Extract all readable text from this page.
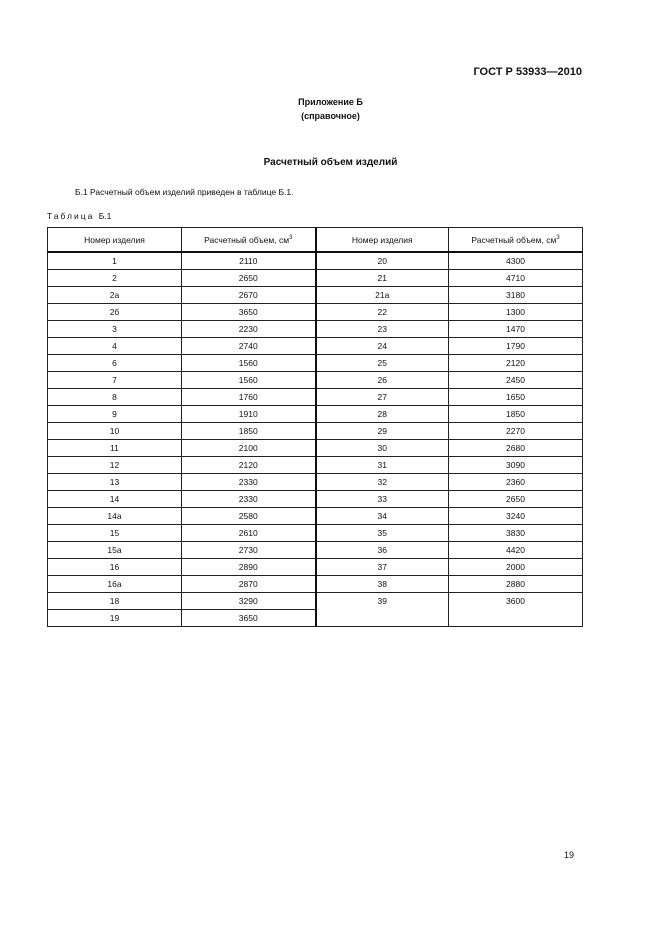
ГОСТ Р 53933—2010
Приложение Б
(справочное)
Расчетный объем изделий
Б.1 Расчетный объем изделий приведен в таблице Б.1.
Таблица Б.1
Номер изделия	Расчетный объем, $см^3$	Номер изделия	Расчетный объем, $см^3$
1	2110	20	4300
2	2650	21	4710
2а	2670	21а	3180
2б	3650	22	1300
3	2230	23	1470
4	2740	24	1790
6	1560	25	2120
7	1560	26	2450
8	1760	27	1650
9	1910	28	1850
10	1850	29	2270
11	2100	30	2680
12	2120	31	3090
13	2330	32	2360
14	2330	33	2650
14а	2580	34	3240
15	2610	35	3830
15а	2730	36	4420
16	2890	37	2000
16а	2870	38	2880
18	3290	39	3600
19	3650		
19
